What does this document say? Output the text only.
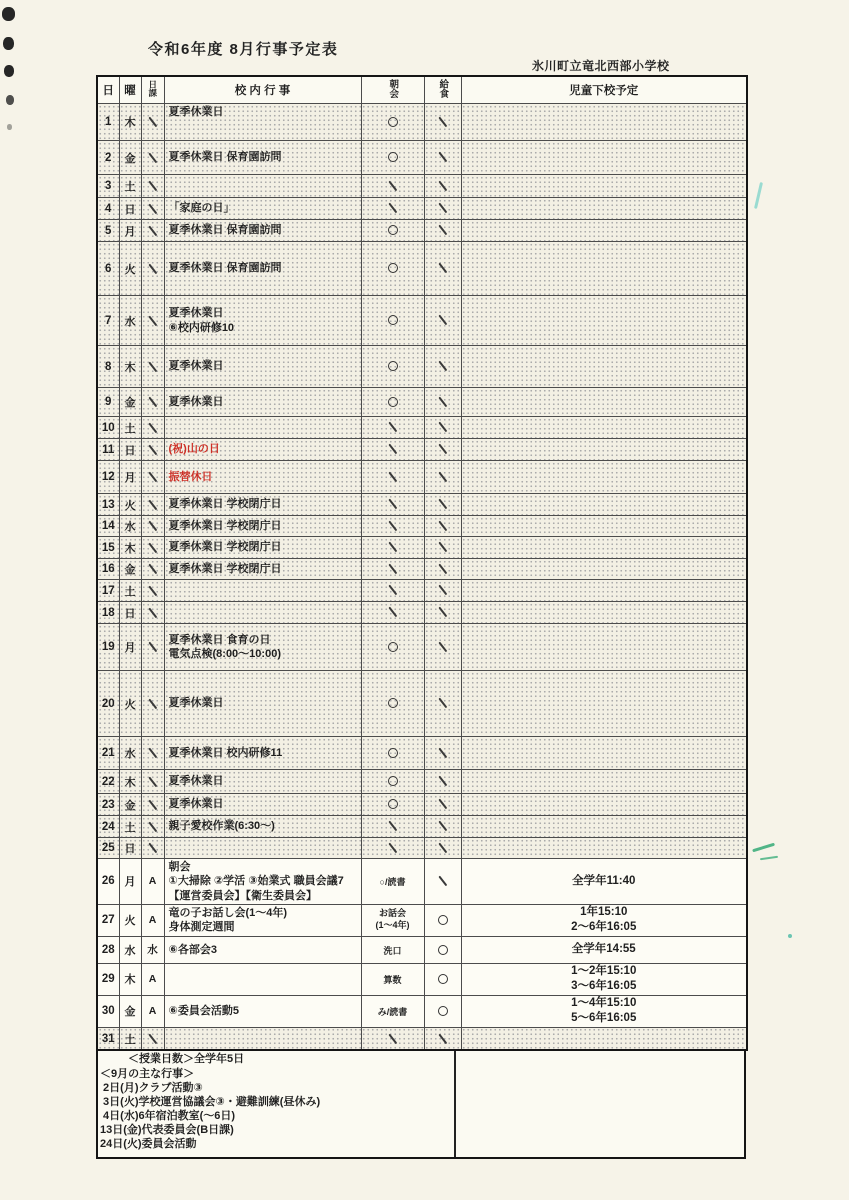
令和6年度 8月行事予定表
氷川町立竜北西部小学校
日	曜	日課	校 内 行 事	朝会	給食	児童下校予定
1	木		夏季休業日			

2	金		夏季休業日 保育園訪問			

3	土					
4	日		「家庭の日」			

5	月		夏季休業日 保育園訪問			

6	火		夏季休業日 保育園訪問			

7	水		夏季休業日
⑥校内研修10			

8	木		夏季休業日			

9	金		夏季休業日			

10	土					
11	日		(祝)山の日			

12	月		振替休日			

13	火		夏季休業日 学校閉庁日			

14	水		夏季休業日 学校閉庁日			

15	木		夏季休業日 学校閉庁日			

16	金		夏季休業日 学校閉庁日			

17	土					
18	日					
19	月		夏季休業日 食育の日
電気点検(8:00～10:00)			

20	火		夏季休業日			

21	水		夏季休業日 校内研修11			

22	木		夏季休業日			

23	金		夏季休業日			

24	土		親子愛校作業(6:30～)			

25	日					
26	月	A	朝会
①大掃除 ②学活 ③始業式 職員会議7
【運営委員会】【衛生委員会】	○/読書		全学年11:40

27	火	A	
竜の子お話し会(1～4年)
身体測定週間
	お話会
(1～4年)		
1年15:10
2～6年16:05

28	水	水	⑥各部会3	洗口		全学年14:55

29	木	A		算数		1～2年15:10
3～6年16:05

30	金	A	⑥委員会活動5	み/読書		1～4年15:10
5～6年16:05

31	土					
＜授業日数＞全学年5日
＜9月の主な行事＞
2日(月)クラブ活動③
3日(火)学校運営協議会③・避難訓練(昼休み)
4日(水)6年宿泊教室(～6日)
13日(金)代表委員会(B日課)
24日(火)委員会活動
